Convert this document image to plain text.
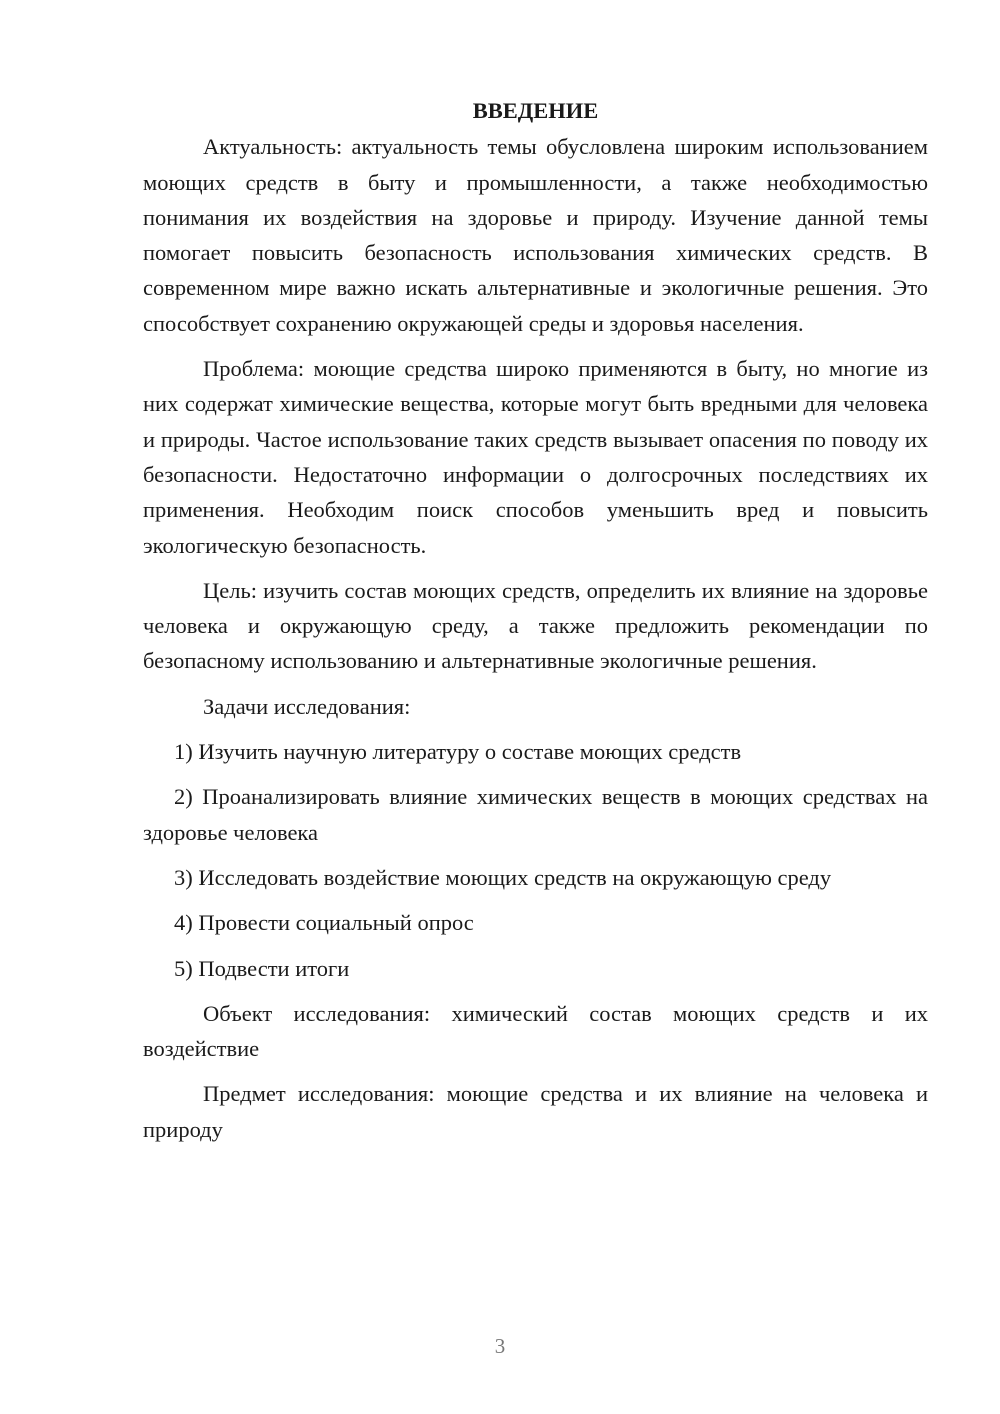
ВВЕДЕНИЕ

Актуальность: актуальность темы обусловлена широким использованием моющих средств в быту и промышленности, а также необходимостью понимания их воздействия на здоровье и природу. Изучение данной темы помогает повысить безопасность использования химических средств. В современном мире важно искать альтернативные и экологичные решения. Это способствует сохранению окружающей среды и здоровья населения.

Проблема: моющие средства широко применяются в быту, но многие из них содержат химические вещества, которые могут быть вредными для человека и природы. Частое использование таких средств вызывает опасения по поводу их безопасности. Недостаточно информации о долгосрочных последствиях их применения. Необходим поиск способов уменьшить вред и повысить экологическую безопасность.

Цель: изучить состав моющих средств, определить их влияние на здоровье человека и окружающую среду, а также предложить рекомендации по безопасному использованию и альтернативные экологичные решения.

Задачи исследования:

1) Изучить научную литературу о составе моющих средств

2) Проанализировать влияние химических веществ в моющих средствах на здоровье человека

3) Исследовать воздействие моющих средств на окружающую среду

4) Провести социальный опрос

5) Подвести итоги

Объект исследования: химический состав моющих средств и их воздействие

Предмет исследования: моющие средства и их влияние на человека и природу

3
